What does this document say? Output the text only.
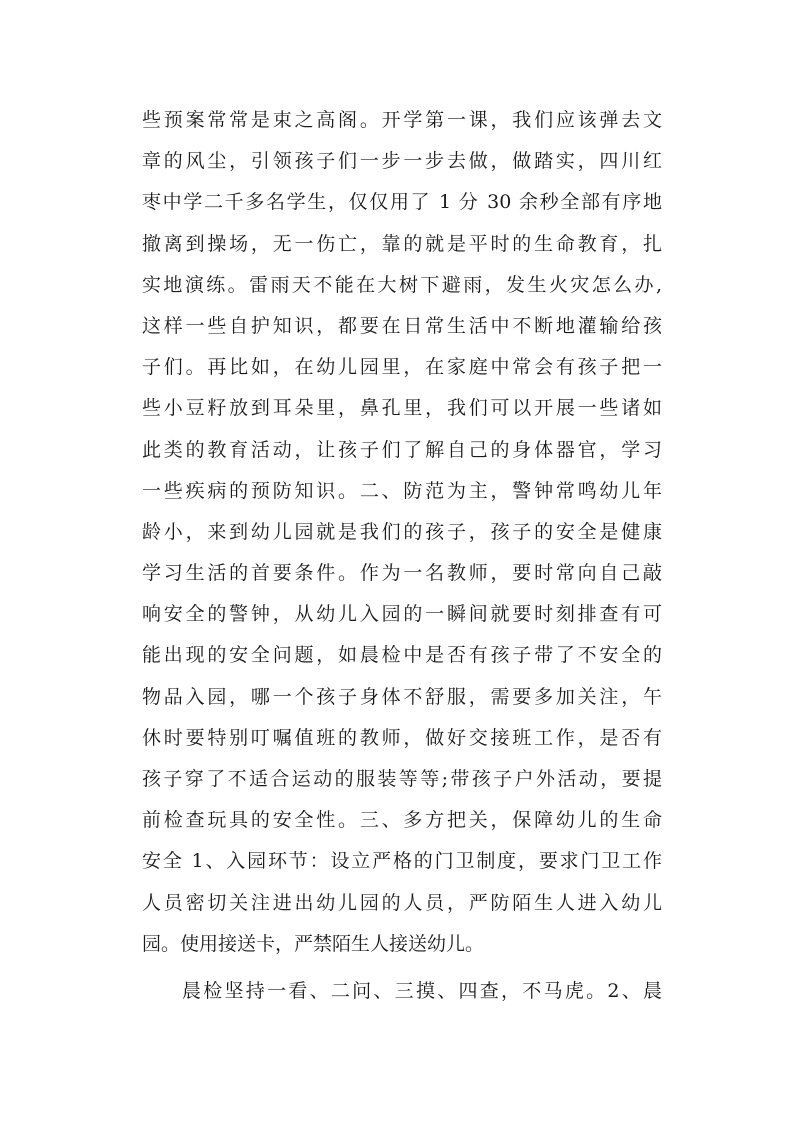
些预案常常是束之高阁。开学第一课，我们应该弹去文
章的风尘，引领孩子们一步一步去做，做踏实，四川红
枣中学二千多名学生，仅仅用了 1 分 30 余秒全部有序地
撤离到操场，无一伤亡，靠的就是平时的生命教育，扎
实地演练。雷雨天不能在大树下避雨，发生火灾怎么办,
这样一些自护知识，都要在日常生活中不断地灌输给孩
子们。再比如，在幼儿园里，在家庭中常会有孩子把一
些小豆籽放到耳朵里，鼻孔里，我们可以开展一些诸如
此类的教育活动，让孩子们了解自己的身体器官，学习
一些疾病的预防知识。二、防范为主，警钟常鸣幼儿年
龄小，来到幼儿园就是我们的孩子，孩子的安全是健康
学习生活的首要条件。作为一名教师，要时常向自己敲
响安全的警钟，从幼儿入园的一瞬间就要时刻排查有可
能出现的安全问题，如晨检中是否有孩子带了不安全的
物品入园，哪一个孩子身体不舒服，需要多加关注，午
休时要特别叮嘱值班的教师，做好交接班工作，是否有
孩子穿了不适合运动的服装等等;带孩子户外活动，要提
前检查玩具的安全性。三、多方把关，保障幼儿的生命
安全 1、入园环节：设立严格的门卫制度，要求门卫工作
人员密切关注进出幼儿园的人员，严防陌生人进入幼儿
园。使用接送卡，严禁陌生人接送幼儿。
晨检坚持一看、二问、三摸、四查，不马虎。2、晨
